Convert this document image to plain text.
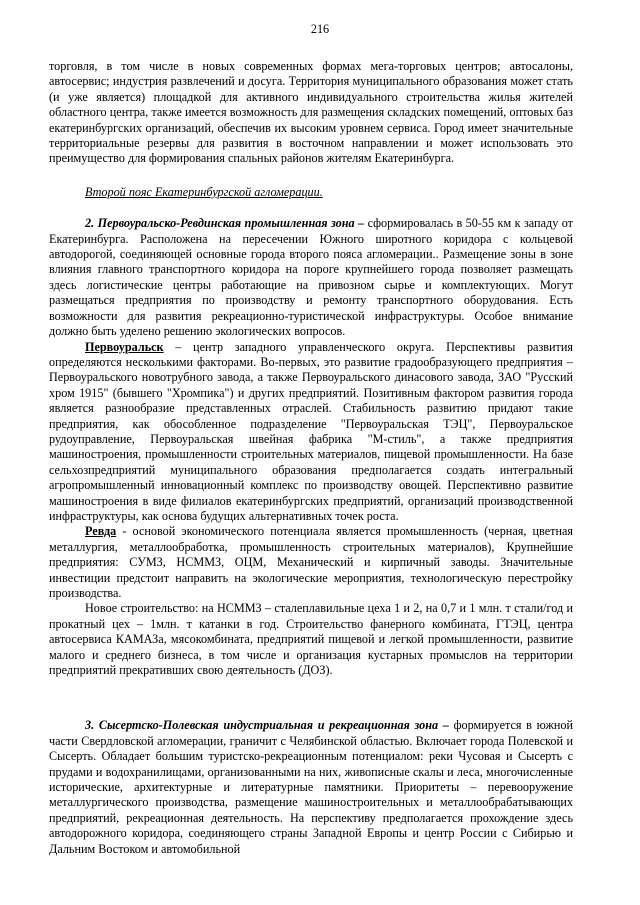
216

торговля, в том числе в новых современных формах мега-торговых центров; автосалоны, автосервис; индустрия развлечений и досуга. Территория муниципального образования может стать (и уже является) площадкой для активного индивидуального строительства жилья жителей областного центра, также имеется возможность для размещения складских помещений, оптовых баз екатеринбургских организаций, обеспечив их высоким уровнем сервиса. Город имеет значительные территориальные резервы для развития в восточном направлении и может использовать это преимущество для формирования спальных районов жителям Екатеринбурга.

Второй пояс Екатеринбургской агломерации.

2. Первоуральско-Ревдинская промышленная зона – сформировалась в 50-55 км к западу от Екатеринбурга. Расположена на пересечении Южного широтного коридора с кольцевой автодорогой, соединяющей основные города второго пояса агломерации.. Размещение зоны в зоне влияния главного транспортного коридора на пороге крупнейшего города позволяет размещать здесь логистические центры работающие на привозном сырье и комплектующих. Могут размещаться предприятия по производству и ремонту транспортного оборудования. Есть возможности для развития рекреационно-туристической инфраструктуры. Особое внимание должно быть уделено решению экологических вопросов.

Первоуральск – центр западного управленческого округа. Перспективы развития определяются несколькими факторами. Во-первых, это развитие градообразующего предприятия – Первоуральского новотрубного завода, а также Первоуральского динасового завода, ЗАО "Русский хром 1915" (бывшего "Хромпика") и других предприятий. Позитивным фактором развития города является разнообразие представленных отраслей. Стабильность развитию придают такие предприятия, как обособленное подразделение "Первоуральская ТЭЦ", Первоуральское рудоуправление, Первоуральская швейная фабрика "М-стиль", а также предприятия машиностроения, промышленности строительных материалов, пищевой промышленности. На базе сельхозпредприятий муниципального образования предполагается создать интегральный агропромышленный инновационный комплекс по производству овощей. Перспективно развитие машиностроения в виде филиалов екатеринбургских предприятий, организаций производственной инфраструктуры, как основа будущих альтернативных точек роста.

Ревда - основой экономического потенциала является промышленность (черная, цветная металлургия, металлообработка, промышленность строительных материалов), Крупнейшие предприятия: СУМЗ, НСММЗ, ОЦМ, Механический и кирпичный заводы. Значительные инвестиции предстоит направить на экологические мероприятия, технологическую перестройку производства.

Новое строительство: на НСММЗ – сталеплавильные цеха 1 и 2, на 0,7 и 1 млн. т стали/год и прокатный цех – 1млн. т катанки в год. Строительство фанерного комбината, ГТЭЦ, центра автосервиса КАМАЗа, мясокомбината, предприятий пищевой и легкой промышленности, развитие малого и среднего бизнеса, в том числе и организация кустарных промыслов на территории предприятий прекративших свою деятельность (ДОЗ).

3. Сысертско-Полевская индустриальная и рекреационная зона – формируется в южной части Свердловской агломерации, граничит с Челябинской областью. Включает города Полевской и Сысерть. Обладает большим туристско-рекреационным потенциалом: реки Чусовая и Сысерть с прудами и водохранилищами, организованными на них, живописные скалы и леса, многочисленные исторические, архитектурные и литературные памятники. Приоритеты – перевооружение металлургического производства, размещение машиностроительных и металлообрабатывающих предприятий, рекреационная деятельность. На перспективу предполагается прохождение здесь автодорожного коридора, соединяющего страны Западной Европы и центр России с Сибирью и Дальним Востоком и автомобильной
